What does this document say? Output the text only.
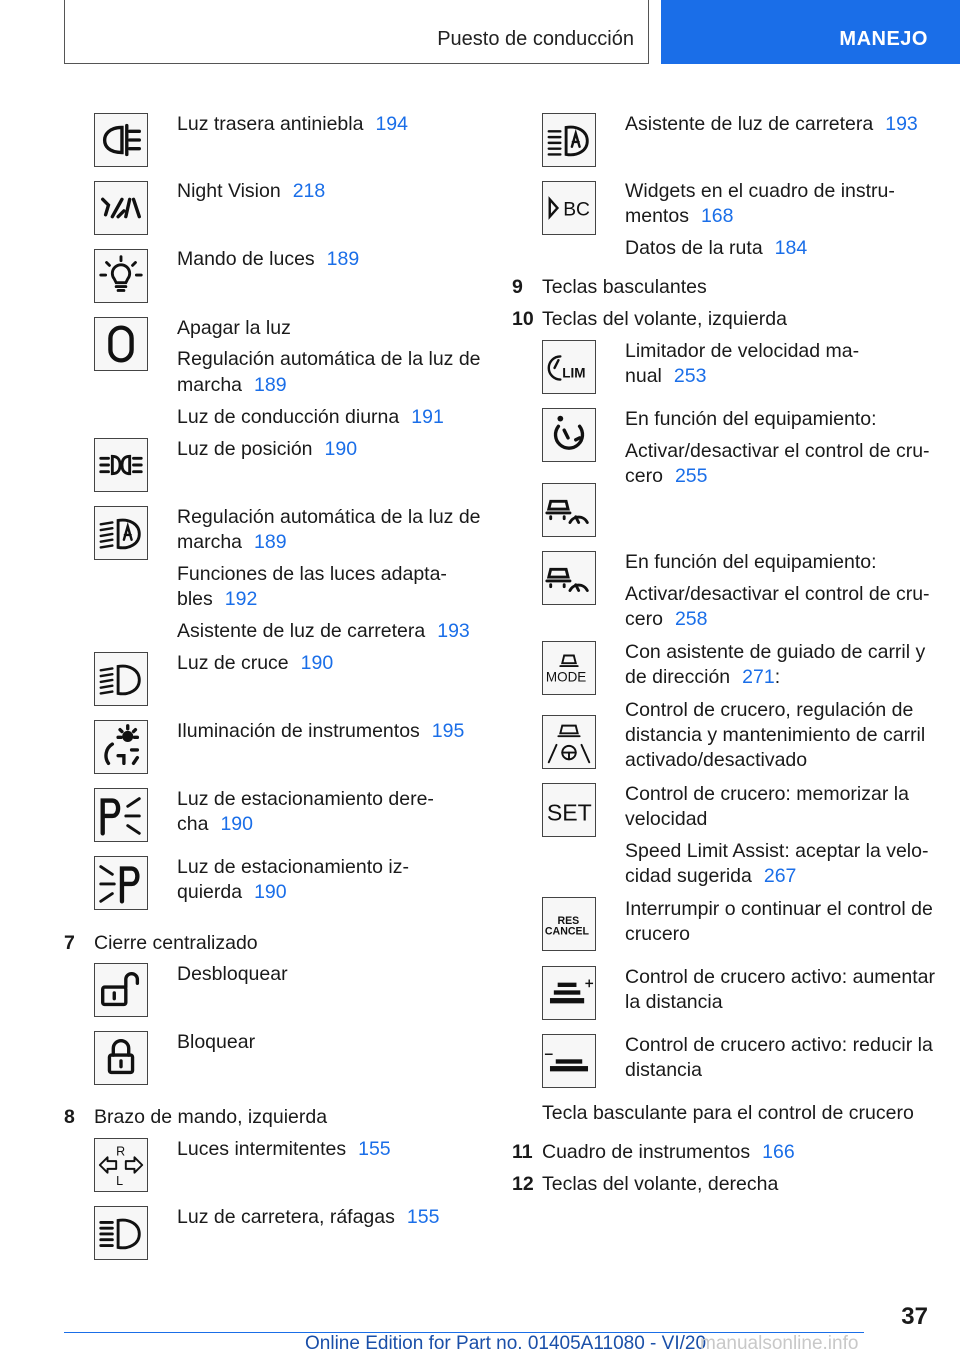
Puesto de conducción	MANEJO
Luz trasera antiniebla 194
Night Vision 218
Mando de luces 189
Apagar la luz
Regulación automática de la luz de
marcha 189
Luz de conducción diurna 191
Luz de posición 190
Regulación automática de la luz de
marcha 189
Funciones de las luces adapta-
bles 192
Asistente de luz de carretera 193
Luz de cruce 190
Iluminación de instrumentos 195
Luz de estacionamiento dere-
cha 190
Luz de estacionamiento iz-
quierda 190
7 Cierre centralizado
Desbloquear
Bloquear
8 Brazo de mando, izquierda
R
L
Luces intermitentes 155
Luz de carretera, ráfagas 155
Asistente de luz de carretera 193
BC
Widgets en el cuadro de instru-
mentos 168
Datos de la ruta 184
9 Teclas basculantes
10 Teclas del volante, izquierda
LIM
Limitador de velocidad ma-
nual 253
En función del equipamiento:
Activar/desactivar el control de cru-
cero 255
En función del equipamiento:
Activar/desactivar el control de cru-
cero 258
MODE
Con asistente de guiado de carril y
de dirección 271:
Control de crucero, regulación de
distancia y mantenimiento de carril
activado/desactivado
SET
Control de crucero: memorizar la
velocidad
Speed Limit Assist: aceptar la velo-
cidad sugerida 267
RES
CANCEL
Interrumpir o continuar el control de
crucero
Control de crucero activo: aumentar
la distancia
Control de crucero activo: reducir la
distancia
Tecla basculante para el control de crucero
11 Cuadro de instrumentos 166
12 Teclas del volante, derecha
37
Online Edition for Part no. 01405A11080 - VI/20
manualsonline.info
